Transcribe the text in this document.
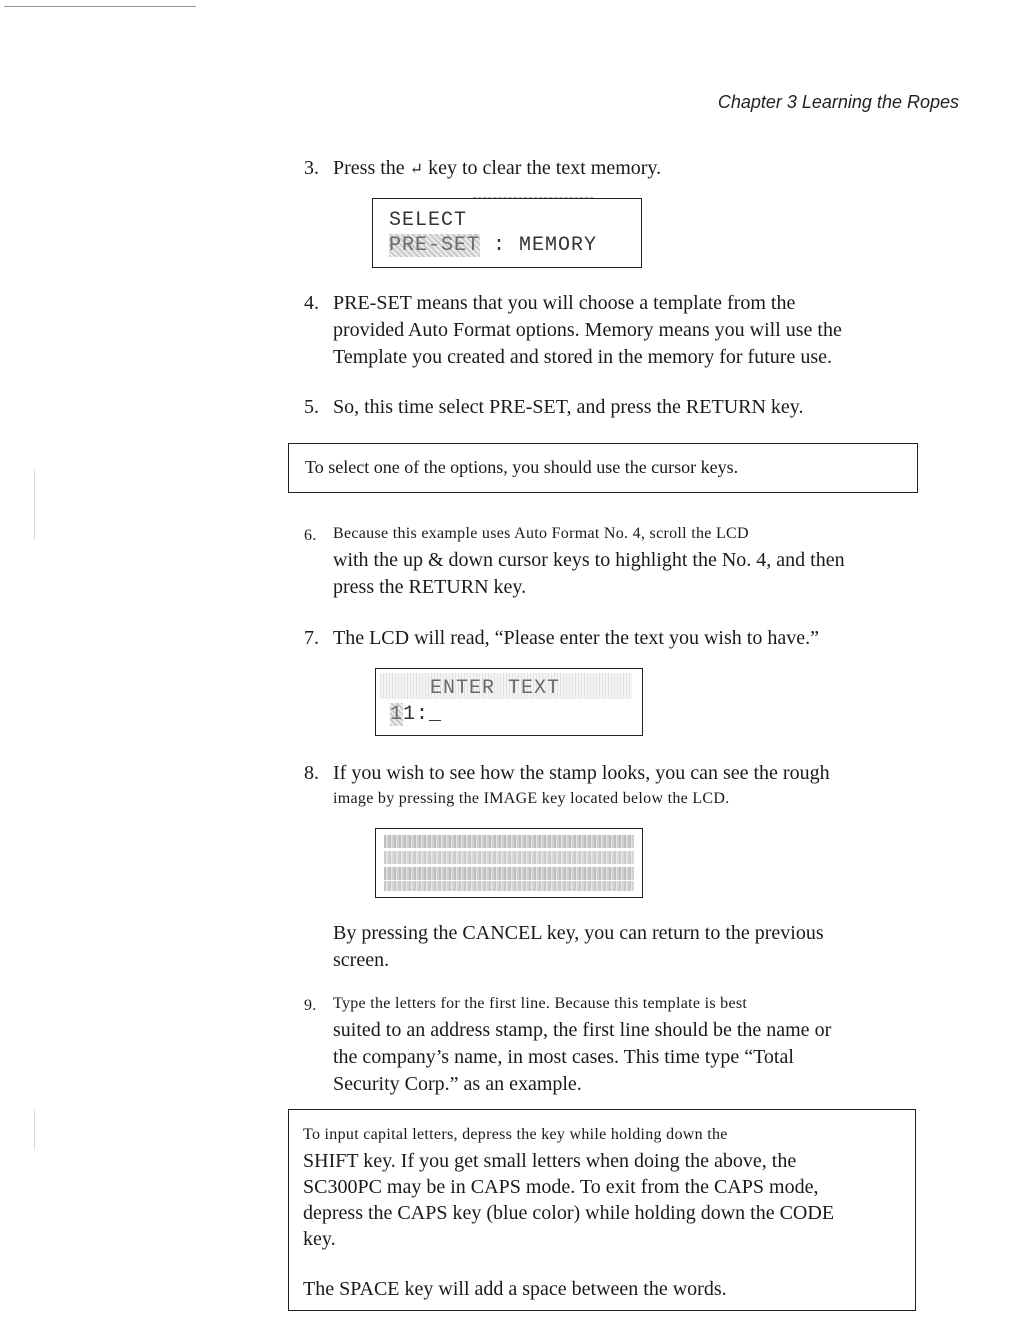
Chapter 3 Learning the Ropes
3. Press the ↵ key to clear the text memory.
SELECT
PRE-SET : MEMORY
4. PRE-SET means that you will choose a template from the
provided Auto Format options. Memory means you will use the
Template you created and stored in the memory for future use.
5. So, this time select PRE-SET, and press the RETURN key.
To select one of the options, you should use the cursor keys.
6. Because this example uses Auto Format No. 4, scroll the LCD
with the up & down cursor keys to highlight the No. 4, and then
press the RETURN key.
7. The LCD will read, “Please enter the text you wish to have.”
ENTER TEXT
11:_
8. If you wish to see how the stamp looks, you can see the rough
image by pressing the IMAGE key located below the LCD.
By pressing the CANCEL key, you can return to the previous
screen.
9. Type the letters for the first line. Because this template is best
suited to an address stamp, the first line should be the name or
the company’s name, in most cases. This time type “Total
Security Corp.” as an example.
To input capital letters, depress the key while holding down the
SHIFT key. If you get small letters when doing the above, the
SC300PC may be in CAPS mode. To exit from the CAPS mode,
depress the CAPS key (blue color) while holding down the CODE
key.
The SPACE key will add a space between the words.
